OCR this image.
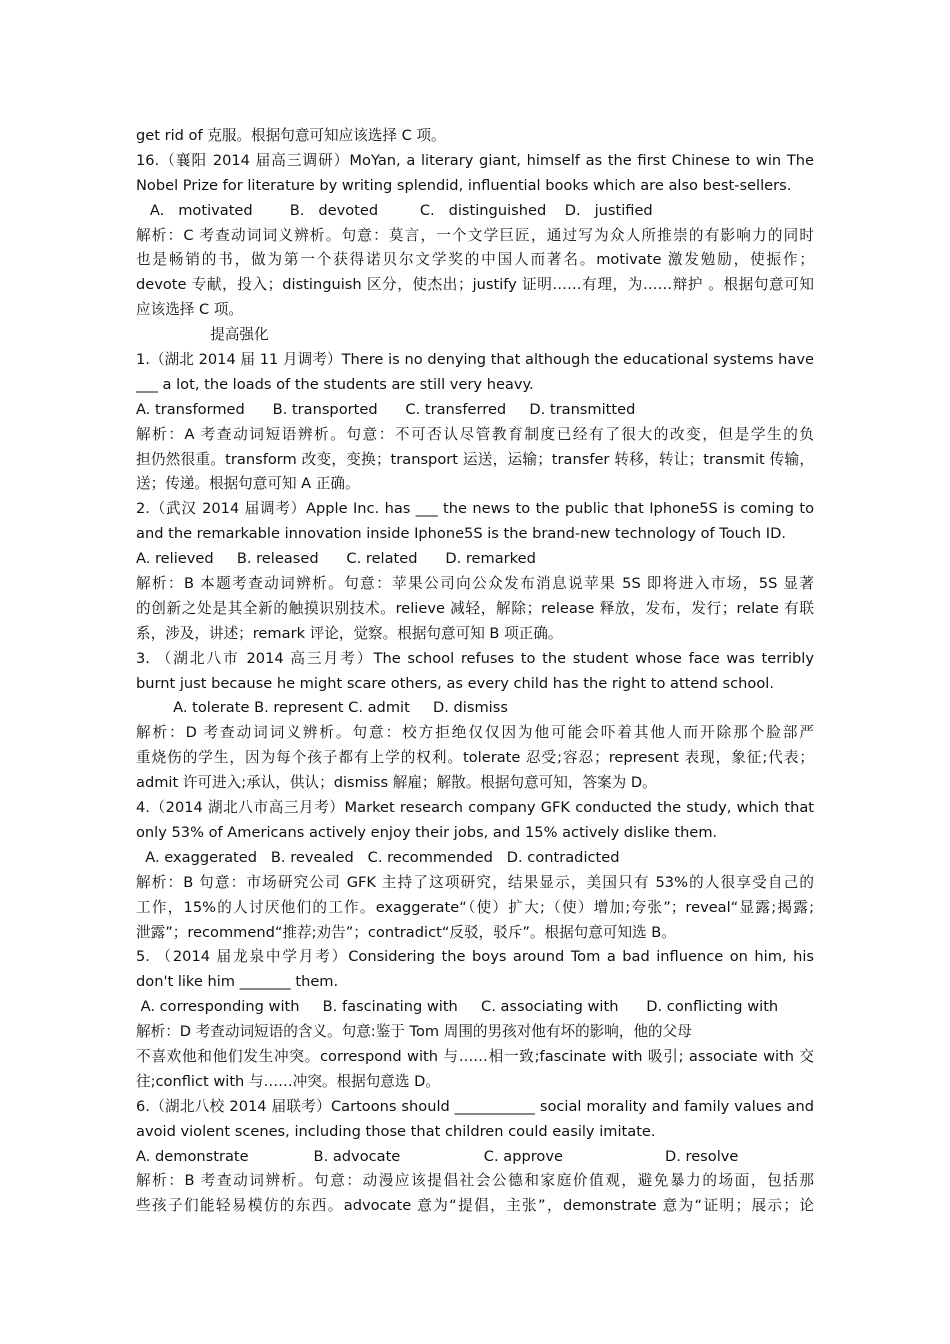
get rid of 克服。根据句意可知应该选择 C 项。
16.（襄阳 2014 届高三调研）MoYan, a literary giant, himself as the first Chinese to win The
Nobel Prize for literature by writing splendid, influential books which are also best-sellers.
A.   motivated        B.   devoted         C.   distinguished    D.   justified
解析：C 考查动词词义辨析。句意：莫言，一个文学巨匠，通过写为众人所推崇的有影响力的同时
也是畅销的书，做为第一个获得诺贝尔文学奖的中国人而著名。motivate 激发勉励，使振作；
devote 专献，投入；distinguish 区分，使杰出；justify 证明……有理，为……辩护 。根据句意可知
应该选择 C 项。
提高强化
1.（湖北 2014 届 11 月调考）There is no denying that although the educational systems have
___ a lot, the loads of the students are still very heavy.
A. transformed      B. transported      C. transferred     D. transmitted
解析：A 考查动词短语辨析。句意：不可否认尽管教育制度已经有了很大的改变，但是学生的负
担仍然很重。transform 改变，变换；transport 运送，运输；transfer 转移，转让；transmit 传输，
送；传递。根据句意可知 A 正确。
2.（武汉 2014 届调考）Apple Inc. has ___ the news to the public that Iphone5S is coming to
and the remarkable innovation inside Iphone5S is the brand-new technology of Touch ID.
A. relieved     B. released      C. related      D. remarked
解析：B 本题考查动词辨析。句意：苹果公司向公众发布消息说苹果 5S 即将进入市场，5S 显著
的创新之处是其全新的触摸识别技术。relieve 减轻，解除；release 释放，发布，发行；relate 有联
系，涉及，讲述；remark 评论，觉察。根据句意可知 B 项正确。
3. （湖北八市 2014 高三月考）The school refuses to the student whose face was terribly
burnt just because he might scare others, as every child has the right to attend school.
A. tolerate B. represent C. admit     D. dismiss
解析：D 考查动词词义辨析。句意：校方拒绝仅仅因为他可能会吓着其他人而开除那个脸部严
重烧伤的学生，因为每个孩子都有上学的权利。tolerate 忍受;容忍；represent 表现，象征;代表；
admit 许可进入;承认，供认；dismiss 解雇；解散。根据句意可知，答案为 D。
4.（2014 湖北八市高三月考）Market research company GFK conducted the study, which that
only 53% of Americans actively enjoy their jobs, and 15% actively dislike them.
A. exaggerated   B. revealed   C. recommended   D. contradicted
解析：B 句意：市场研究公司 GFK 主持了这项研究，结果显示，美国只有 53%的人很享受自己的
工作，15%的人讨厌他们的工作。exaggerate“（使）扩大;（使）增加;夸张”；reveal“显露;揭露;
泄露”；recommend“推荐;劝告”；contradict“反驳，驳斥”。根据句意可知选 B。
5. （2014 届龙泉中学月考）Considering the boys around Tom a bad influence on him, his
don't like him _______ them.
A. corresponding with     B. fascinating with     C. associating with      D. conflicting with
解析：D 考查动词短语的含义。句意:鉴于 Tom 周围的男孩对他有坏的影响，他的父母
不喜欢他和他们发生冲突。correspond with 与……相一致;fascinate with 吸引; associate with 交
往;conflict with 与……冲突。根据句意选 D。
6.（湖北八校 2014 届联考）Cartoons should ___________ social morality and family values and
avoid violent scenes, including those that children could easily imitate.
A. demonstrate              B. advocate                  C. approve                      D. resolve
解析：B 考查动词辨析。句意：动漫应该提倡社会公德和家庭价值观，避免暴力的场面，包括那
些孩子们能轻易模仿的东西。advocate 意为“提倡，主张”，demonstrate 意为“证明；展示；论
